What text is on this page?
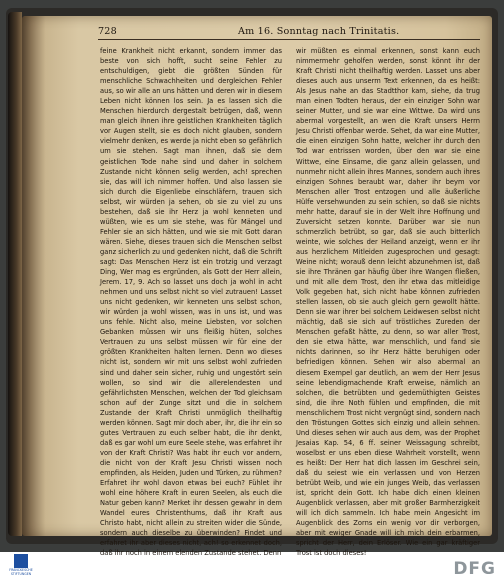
728	Am 16. Sonntag nach Trinitatis.

feine Krankheit nicht erkannt, sondern immer das beste von sich hofft, sucht seine Fehler zu entschuldigen, giebt die größten Sünden für menschliche Schwachheiten und dergleichen Fehler aus, so wir alle an uns hätten und deren wir in diesem Leben nicht können los sein. Ja es lassen sich die Menschen hierdurch dergestalt betrügen, daß, wenn man gleich ihnen ihre geistlichen Krankheiten täglich vor Augen stellt, sie es doch nicht glauben, sondern vielmehr denken, es werde ja nicht eben so gefährlich um sie stehen. Sagt man ihnen, daß sie dem geistlichen Tode nahe sind und daher in solchem Zustande nicht können selig werden, ach! sprechen sie, das will ich nimmer hoffen. Und also lassen sie sich durch die Eigenliebe einschläfern, trauen sich selbst, wir würden ja sehen, ob sie zu viel zu uns bestehen, daß sie ihr Herz ja wohl kenneten und wüßten, wie es um sie stehe, was für Mängel und Fehler sie an sich hätten, und wie sie mit Gott daran wären. Siehe, dieses trauen sich die Menschen selbst ganz sicherlich zu und gedenken nicht, daß die Schrift sagt: Das Menschen Herz ist ein trotzig und verzagt Ding, Wer mag es ergründen, als Gott der Herr allein, Jerem. 17, 9. Ach so lasset uns doch ja wohl in acht nehmen und uns selbst nicht so viel zutrauen! Lasset uns nicht gedenken, wir kenneten uns selbst schon, wir würden ja wohl wissen, was in uns ist, und was uns fehle. Nicht also, meine Liebsten, vor solchen Gebanken müssen wir uns fleißig hüten, solches Vertrauen zu uns selbst müssen wir für eine der größten Krankheiten halten lernen. Denn wo dieses nicht ist, sondern wir mit uns selbst wohl zufrieden sind und daher sein sicher, ruhig und ungestört sein wollen, so sind wir die allerelendesten und gefährlichsten Menschen, welchen der Tod gleichsam schon auf der Zunge sitzt und die in solchem Zustande der Kraft Christi unmöglich theilhaftig werden können. Sagt mir doch aber, ihr, die ihr ein so gutes Vertrauen zu euch selber habt, die ihr denkt, daß es gar wohl um eure Seele stehe, was erfahret ihr von der Kraft Christi? Was habt ihr euch vor andern, die nicht von der Kraft Jesu Christi wissen noch empfinden, als Heiden, Juden und Türken, zu rühmen? Erfahret ihr wohl davon etwas bei euch? Fühlet ihr wohl eine höhere Kraft in euren Seelen, als euch die Natur geben kann? Merket ihr dessen gewahr in dem Wandel eures Christenthums, daß ihr Kraft aus Christo habt, nicht allein zu streiten wider die Sünde, sondern auch dieselbe zu überwinden? Findet und erfahret ihr aber dieses nicht, ach! so erkennet doch, daß ihr noch in einem elenden Zustande stehet. Denn

wir müßten es einmal erkennen, sonst kann euch nimmermehr geholfen werden, sonst könnt ihr der Kraft Christi nicht theilhaftig werden. Lasset uns aber dieses auch aus unserm Text erkennen, da es heißt: Als Jesus nahe an das Stadtthor kam, siehe, da trug man einen Todten heraus, der ein einziger Sohn war seiner Mutter, und sie war eine Wittwe. Da wird uns abermal vorgestellt, an wen die Kraft unsers Herrn Jesu Christi offenbar werde. Sehet, da war eine Mutter, die einen einzigen Sohn hatte, welcher ihr durch den Tod war entrissen worden, über den war sie eine Wittwe, eine Einsame, die ganz allein gelassen, und nunmehr nicht allein ihres Mannes, sondern auch ihres einzigen Sohnes beraubt war, daher ihr beym vor Menschen aller Trost entzogen und alle äußerliche Hülfe versehwunden zu sein schien, so daß sie nichts mehr hatte, darauf sie in der Welt ihre Hoffnung und Zuversicht setzen konnte. Darüber war sie nun schmerzlich betrübt, so gar, daß sie auch bitterlich weinte, wie solches der Heiland anzeigt, wenn er ihr aus herzlichem Mitleiden zugesprochen und gesagt: Weine nicht; worauß denn leicht abzunehmen ist, daß sie ihre Thränen gar häufig über ihre Wangen fließen, und mit alle dem Trost, den ihr etwa das mitleidige Volk gegeben hat, sich nicht habe können zufrieden stellen lassen, ob sie auch gleich gern gewollt hätte. Denn sie war ihrer bei solchem Leidwesen selbst nicht mächtig, daß sie sich auf tröstliches Zureden der Menschen gefaßt hätte, zu denn, so war aller Trost, den sie etwa hätte, war menschlich, und fand sie nichts darinnen, so ihr Herz hätte beruhigen oder befriedigen können. Sehen wir also abermal an diesem Exempel gar deutlich, an wem der Herr Jesus seine lebendigmachende Kraft erweise, nämlich an solchen, die betrübten und gedemüthigten Geistes sind, die ihre Noth fühlen und empfinden, die mit menschlichem Trost nicht vergnügt sind, sondern nach den Tröstungen Gottes sich einzig und allein sehnen. Und dieses sehen wir auch aus dem, was der Prophet Jesaias Kap. 54, 6 ff. seiner Weissagung schreibt, woselbst er uns eben diese Wahrheit vorstellt, wenn es heißt: Der Herr hat dich lassen im Geschrei sein, daß du seiest wie ein verlassen und von Herzen betrübt Weib, und wie ein junges Weib, das verlassen ist, spricht dein Gott. Ich habe dich einen kleinen Augenblick verlassen, aber mit großer Barmherzigkeit will ich dich sammeln. Ich habe mein Angesicht im Augenblick des Zorns ein wenig vor dir verborgen, aber mit ewiger Gnade will ich mich dein erbarmen, spricht der Herr, dein Erlöser. Wie ein gar kräftiger Trost ist doch dieses!

FRANCKESCHE STIFTUNGEN	DFG
